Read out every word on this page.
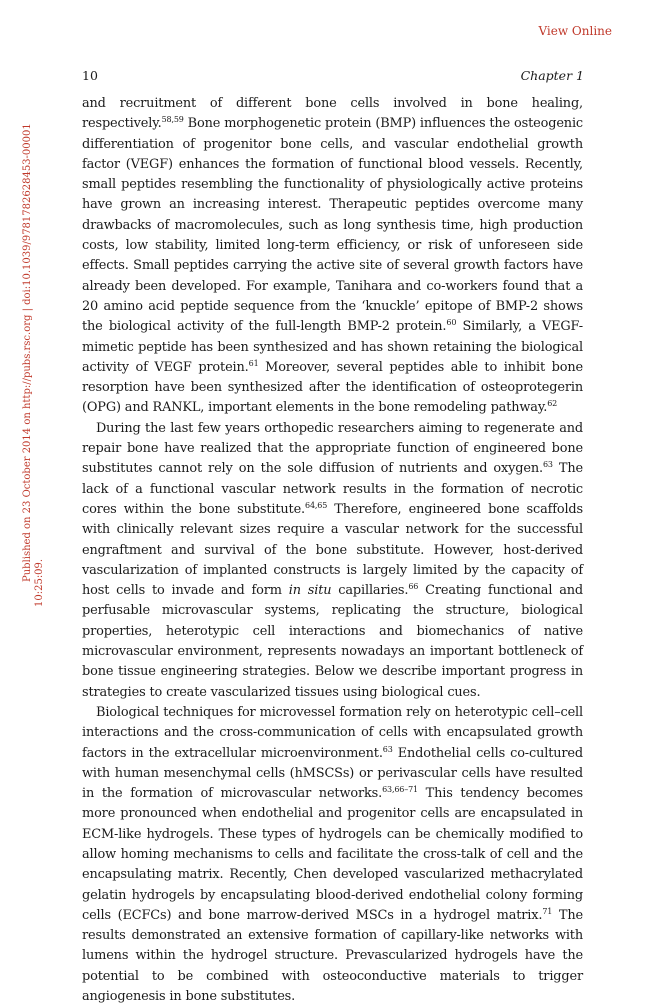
View Online
10	Chapter 1
Published on 23 October 2014 on http://pubs.rsc.org | doi:10.1039/9781782628453-00001
10:25:09.

and recruitment of different bone cells involved in bone healing, respectively.$^{58,59}$ Bone morphogenetic protein (BMP) influences the osteogenic differentiation of progenitor bone cells, and vascular endothelial growth factor (VEGF) enhances the formation of functional blood vessels. Recently, small peptides resembling the functionality of physiologically active proteins have grown an increasing interest. Therapeutic peptides overcome many drawbacks of macromolecules, such as long synthesis time, high production costs, low stability, limited long-term efficiency, or risk of unforeseen side effects. Small peptides carrying the active site of several growth factors have already been developed. For example, Tanihara and co-workers found that a 20 amino acid peptide sequence from the ‘knuckle’ epitope of BMP-2 shows the biological activity of the full-length BMP-2 protein.$^{60}$ Similarly, a VEGF-mimetic peptide has been synthesized and has shown retaining the biological activity of VEGF protein.$^{61}$ Moreover, several peptides able to inhibit bone resorption have been synthesized after the identification of osteoprotegerin (OPG) and RANKL, important elements in the bone remodeling pathway.$^{62}$

During the last few years orthopedic researchers aiming to regenerate and repair bone have realized that the appropriate function of engineered bone substitutes cannot rely on the sole diffusion of nutrients and oxygen.$^{63}$ The lack of a functional vascular network results in the formation of necrotic cores within the bone substitute.$^{64,65}$ Therefore, engineered bone scaffolds with clinically relevant sizes require a vascular network for the successful engraftment and survival of the bone substitute. However, host-derived vascularization of implanted constructs is largely limited by the capacity of host cells to invade and form in situ capillaries.$^{66}$ Creating functional and perfusable microvascular systems, replicating the structure, biological properties, heterotypic cell interactions and biomechanics of native microvascular environment, represents nowadays an important bottleneck of bone tissue engineering strategies. Below we describe important progress in strategies to create vascularized tissues using biological cues.

Biological techniques for microvessel formation rely on heterotypic cell–cell interactions and the cross-communication of cells with encapsulated growth factors in the extracellular microenvironment.$^{63}$ Endothelial cells co-cultured with human mesenchymal cells (hMSCSs) or perivascular cells have resulted in the formation of microvascular networks.$^{63,66-71}$ This tendency becomes more pronounced when endothelial and progenitor cells are encapsulated in ECM-like hydrogels. These types of hydrogels can be chemically modified to allow homing mechanisms to cells and facilitate the cross-talk of cell and the encapsulating matrix. Recently, Chen developed vascularized methacrylated gelatin hydrogels by encapsulating blood-derived endothelial colony forming cells (ECFCs) and bone marrow-derived MSCs in a hydrogel matrix.$^{71}$ The results demonstrated an extensive formation of capillary-like networks with lumens within the hydrogel structure. Prevascularized hydrogels have the potential to be combined with osteoconductive materials to trigger angiogenesis in bone substitutes.
